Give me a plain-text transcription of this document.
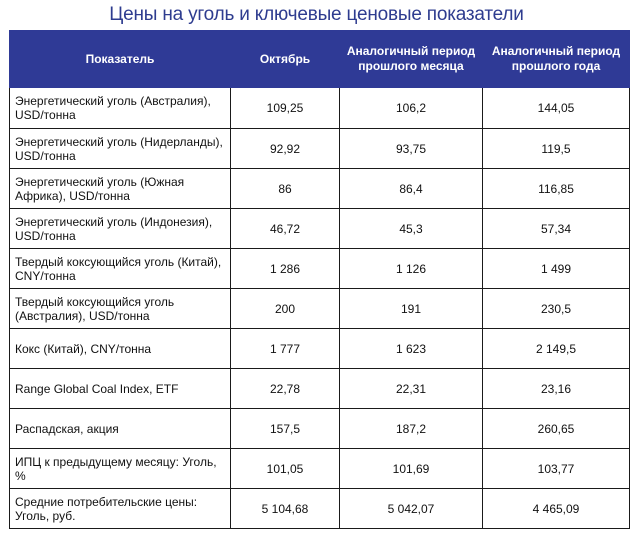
Цены на уголь и ключевые ценовые показатели
Показатель	Октябрь	Аналогичный период прошлого месяца	Аналогичный период прошлого года
Энергетический уголь (Австралия), USD/тонна	109,25	106,2	144,05
Энергетический уголь (Нидерланды), USD/тонна	92,92	93,75	119,5
Энергетический уголь (Южная Африка), USD/тонна	86	86,4	116,85
Энергетический уголь (Индонезия), USD/тонна	46,72	45,3	57,34
Твердый коксующийся уголь (Китай), CNY/тонна	1 286	1 126	1 499
Твердый коксующийся уголь (Австралия), USD/тонна	200	191	230,5
Кокс (Китай), CNY/тонна	1 777	1 623	2 149,5
Range Global Coal Index, ETF	22,78	22,31	23,16
Распадская, акция	157,5	187,2	260,65
ИПЦ к предыдущему месяцу: Уголь, %	101,05	101,69	103,77
Средние потребительские цены: Уголь, руб.	5 104,68	5 042,07	4 465,09
